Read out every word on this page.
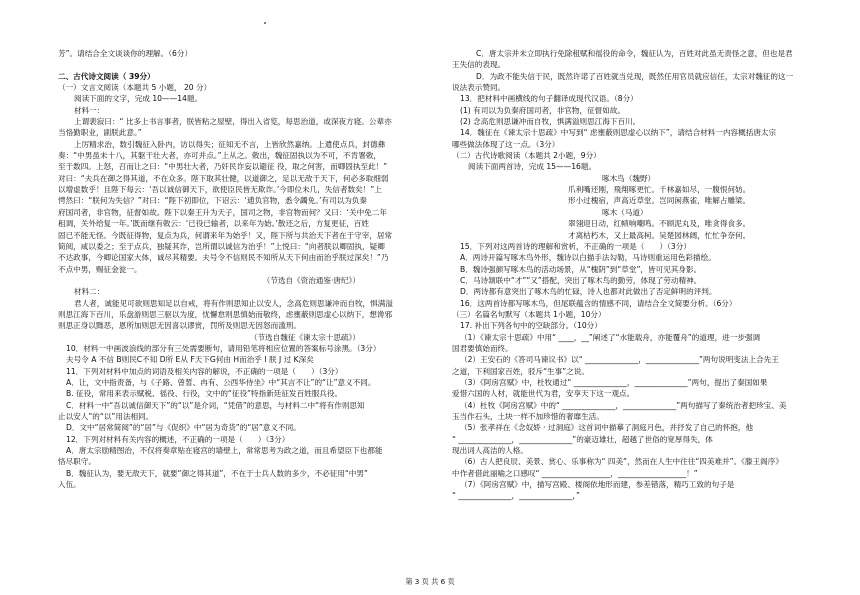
芳”。请结合全文谈谈你的理解。（6分）
二、古代诗文阅读（ 39分）
（一）文言文阅读（本题共 5 小题， 20 分）
阅读下面的文字，完成 10——14题。
材料一：
上谓裴寂曰：“ 比多上书言事者，朕皆粘之屋壁，得出入省览，每思治道，或深夜方寝。公辈亦
当恪勤职业，副朕此意。”
上厉精求治，数引魏征入卧内，访以得失；征知无不言，上皆欣然嘉纳。上遣使点兵，封德彝
奏：“中男虽未十八，其躯干壮大者，亦可并点。”上从之。敕出，魏征固执以为不可，不肯署敕，
至于数四。上怒，召而让之曰：“中男壮大者，乃奸民诈妄以避征 役，取之何害，而卿固执至此！”
对曰：“夫兵在御之得其道，不在众多。陛下取其壮健，以道御之，足以无敌于天下，何必多取细弱
以增虚数乎！且陛下每云：‘吾以诚信御天下，欲使臣民皆无欺诈。’今即位未几，失信者数矣！”上
愕然曰：“朕何为失信？”对曰：“陛下初即位，下诏云：‘逋负官物，悉令蠲免。’有司以为负秦
府国司者，非官物，征督如故。陛下以秦王升为天子，国司之物，非官物而何？又曰：‘关中免二年
租调，关外给复一年。’既而继有敕云：‘已役已输者，以来年为始。’散还之后，方复更征，百姓
固已不能无怪。今既征得物，复点为兵，何谓来年为始乎！又，陛下所与共治天下者在于守宰，居常
简阅，咸以委之；至于点兵，独疑其诈，岂所谓以诚信为治乎！”上悦曰：“向者朕以卿固执，疑卿
不达政事，今卿论国家大体，诚尽其精要。夫号令不信则民不知所从天下何由而治乎朕过深矣！”乃
不点中男，赐征金瓮一。
（节选自《资治通鉴·唐纪》）
材料二：
君人者，诚能见可欲则思知足以自戒，将有作则思知止以安人，念高危则思谦冲而自牧，惧满溢
则思江海下百川，乐盘游则思三驱以为度，忧懈怠则思慎始而敬终，虑壅蔽则思虚心以纳下，想谗邪
则思正身以黜恶，恩所加则思无因喜以谬赏，罚所及则思无因怒而滥刑。
（节选自魏征《谏太宗十思疏》）
10．材料一中画波浪线的部分有三处需要断句，请用铅笔将相应位置的答案标号涂黑。（3分）
夫号令 A 不信 B则民C不知 D所 E从 F天下G何由 H而治乎 I 朕 J 过 K深矣
11．下列对材料中加点的词语及相关内容的解说，不正确的一项是（　　）（3分）
A．让，文中指责备，与《子路、曾皙、冉有、公西华侍坐》中“其言不让”的“让”意义不同。
B. 征役，常用来表示赋税、徭役、行役，文中的“征役”特指新廷征发百姓服兵役。
C．材料一中“吾以诚信御天下”的“以”是介词，“凭借”的意思，与材料二中“将有作则思知
止以安人”的“以”用法相同。
D．文中“居常简阅”的“居”与《促织》中“居为奇货”的“居”意义不同。
12．下列对材料有关内容的概述，不正确的一项是（　　）（3分）
A．唐太宗励精图治，不仅将奏章贴在寝宫的墙壁上，常常思考为政之道，而且希望臣下也都能
恪尽职守。
B．魏征认为，要无敌天下，就要“御之得其道”，不在于士兵人数的多少，不必征用“中男”
入伍。
C．唐太宗并未立即执行免除租赋和徭役的命令，魏征认为，百姓对此虽无责怪之意，但也是君
王失信的表现。
D．为政不能失信于民，既然许诺了百姓就当兑现，既然任用官员就应信任，太宗对魏征的这一
说法表示赞同。
13．把材料中画横线的句子翻译成现代汉语。（8分）
(1) 有司以为负秦府国司者，非官物，征督如故。
(2) 念高危则思谦冲而自牧，惧满溢则思江海下百川。
14．魏征在《谏太宗十思疏》中写到“ 虑壅蔽则思虚心以纳下”，请结合材料一内容概括唐太宗
哪些做法体现了这一点。（3分）
（二）古代诗歌阅读（本题共 2小题，9分）
阅读下面两首诗，完成 15——16题。
啄木鸟（魏野）
爪利嘴还刚，飛翔啄更忙。千林嘉如尽，一腹恨何妨。
形小过槐宿，声高近草堂。岂同闲燕雀，唯解占雕梁。
啄木（马道）
翠翎迎日动，红帻响嘲鸣。不顾泥丸及，唯贪得食多。
才离枯朽木，又上最高柯。吴楚园林阔，忙忙争奈何。
15．下列对这两首诗的理解和赏析，不正确的一项是（　　）（3分）
A．两诗开篇写啄木鸟外形，魏诗以白描手法勾勒，马诗则重运用色彩描绘。
B．魏诗强颜写啄木鸟的活动场景，从“槐阴”到“草堂”，皆可见其身影。
C．马诗颔联中“才”“又”搭配，突出了啄木鸟的勤劳，体现了劳动精神。
D．两诗都有意突出了啄木鸟的忙碌，诗人也都对此做出了否定鲜明的评判。
16．这两首诗都写啄木鸟，但尾联蕴含的情感不同，请结合全文简要分析。（6分）
（三）名篇名句默写（本题共 1小题，10分）
17. 补出下列各句中的空缺部分。（10分）
（1）《谏太宗十思疏》中用“ ____，__”阐述了“水能载舟，亦能覆舟”的道理，进一步强调
国君要慎始而终。
（2）王安石的《答司马谏议书》以“ ______________，______________”两句说明变法上合先王
之道，下利国家百姓，驳斥“生事”之说。
（3）《阿房宫赋》中，杜牧通过“ ______________，______________”两句，提出了秦国如果
爱惜六国的人材，就能世代为君，安享天下这一观点。
（4）杜牧《阿房宫赋》中的“ ______________，______________”两句描写了秦统治者把珍宝、美
玉当作石头，土块一样不加珍惜的奢靡生活。
（5）张孝祥在《念奴娇 · 过洞庭》这首词中描摹了洞庭月色，并抒发了自己的怀抱，他
“ ______________，______________”的豪迈雄壮，超越了世俗的宽厚得失，体
现出词人高洁的人格。
（6）古人把良辰、美景、赏心、乐事称为“ 四美”，然而在人生中往往“四美难并”。《滕王阁序》
中作者借此丽喻之口感叹“ __________________，__________________！”
（7）《阿房宫赋》中，描写宫殿、楼阁依地形而建，参差错落，精巧工致的句子是
“ ______________，______________，”
第 3 页 共 6 页
